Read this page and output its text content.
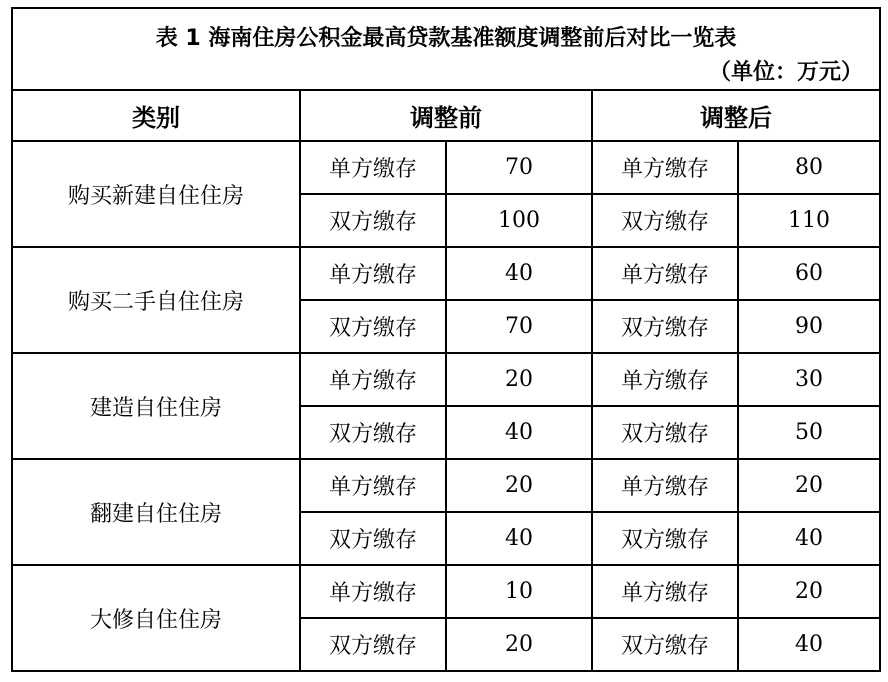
表 1 海南住房公积金最高贷款基准额度调整前后对比一览表
（单位：万元）				

类别	调整前		调整后	
购买新建自住住房	单方缴存	70	单方缴存	80
	双方缴存	100	双方缴存	110
购买二手自住住房	单方缴存	40	单方缴存	60
	双方缴存	70	双方缴存	90
建造自住住房	单方缴存	20	单方缴存	30
	双方缴存	40	双方缴存	50
翻建自住住房	单方缴存	20	单方缴存	20
	双方缴存	40	双方缴存	40
大修自住住房	单方缴存	10	单方缴存	20
	双方缴存	20	双方缴存	40
